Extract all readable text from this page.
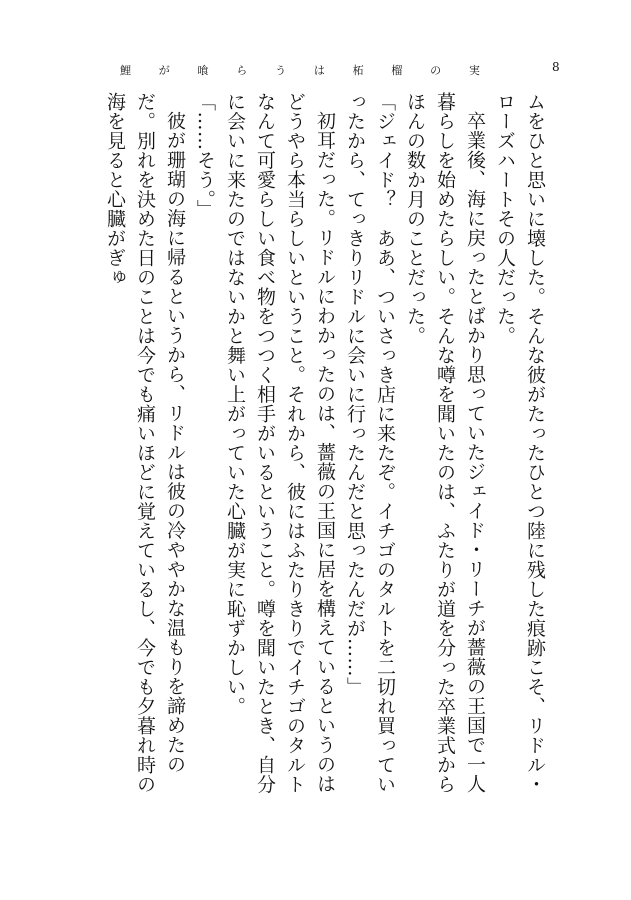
鯉	が	喰	ら	う	は	柘	榴	の	実	8

ムをひと思いに壊した。そんな彼がたったひとつ陸に残した痕跡こそ、リドル・ローズハートその人だった。

卒業後、海に戻ったとばかり思っていたジェイド・リーチが薔薇の王国で一人暮らしを始めたらしい。そんな噂を聞いたのは、ふたりが道を分った卒業式からほんの数か月のことだった。

「ジェイド？　ああ、ついさっき店に来たぞ。イチゴのタルトを二切れ買っていったから、てっきりリドルに会いに行ったんだと思ったんだが……」

初耳だった。リドルにわかったのは、薔薇の王国に居を構えているというのはどうやら本当らしいということ。それから、彼にはふたりきりでイチゴのタルトなんて可愛らしい食べ物をつつく相手がいるということ。噂を聞いたとき、自分に会いに来たのではないかと舞い上がっていた心臓が実に恥ずかしい。

「……そう。」

彼が珊瑚の海に帰るというから、リドルは彼の冷ややかな温もりを諦めたのだ。別れを決めた日のことは今でも痛いほどに覚えているし、今でも夕暮れ時の海を見ると心臓がぎゅ
